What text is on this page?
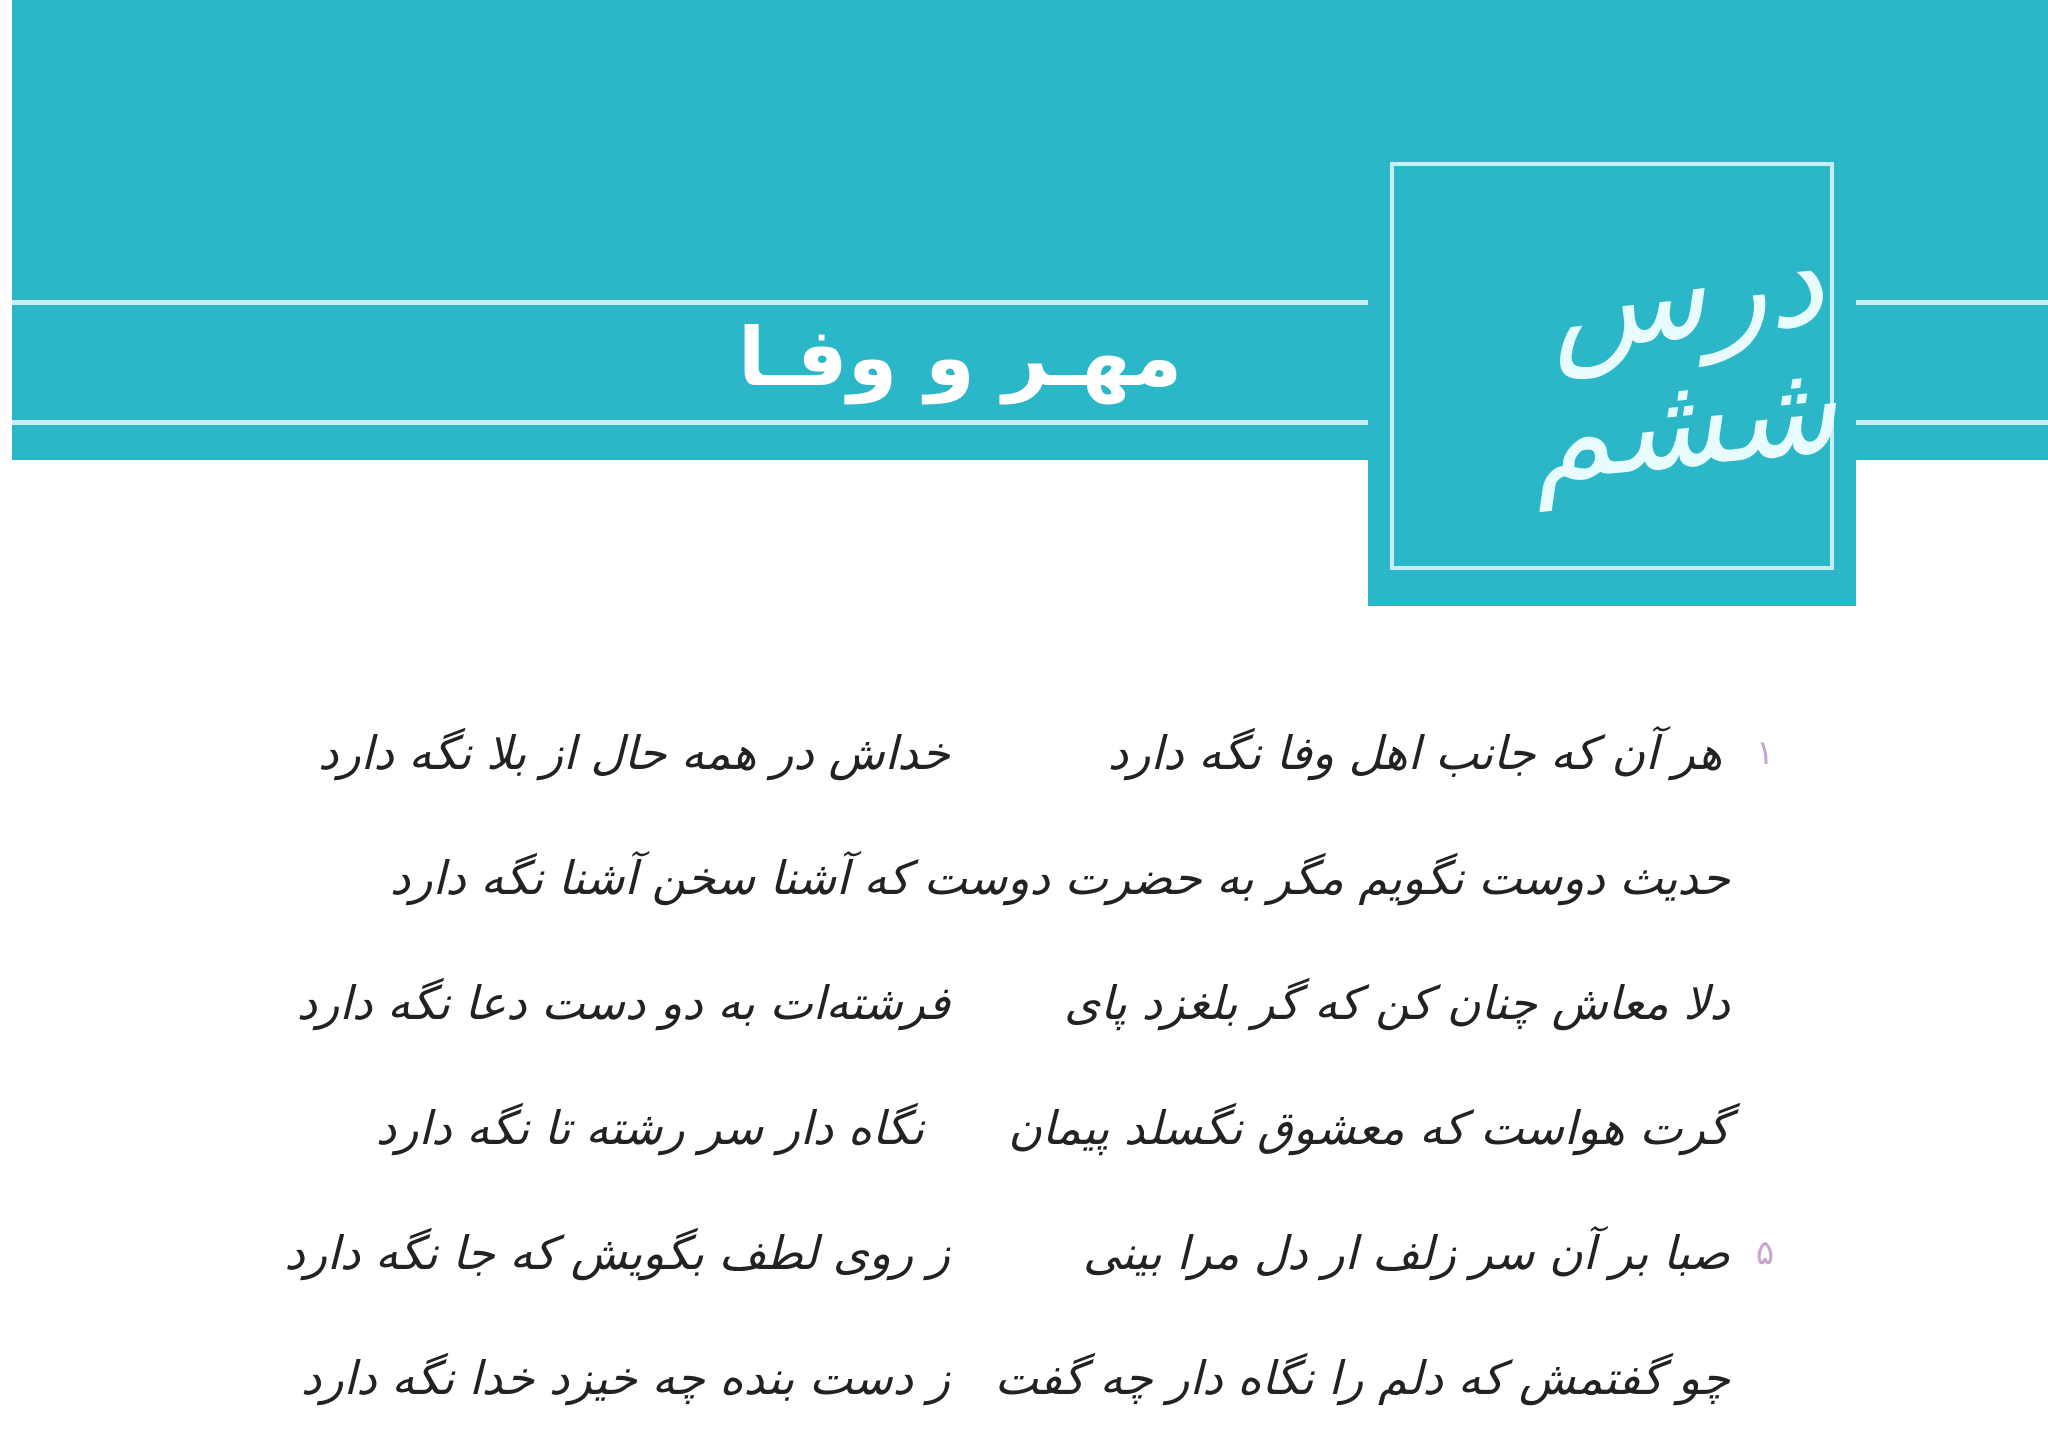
درس ششم
مهـر و وفـا
۱
هر آن که جانب اهل وفا نگه دارد
خداش در همه حال از بلا نگه دارد
حدیث دوست نگویم مگر به حضرت دوست
که آشنا سخن آشنا نگه دارد
دلا معاش چنان کن که گر بلغزد پای
فرشته‌ات به دو دست دعا نگه دارد
گرت هواست که معشوق نگسلد پیمان
نگاه دار سر رشته تا نگه دارد
۵
صبا بر آن سر زلف ار دل مرا بینی
ز روی لطف بگویش که جا نگه دارد
چو گفتمش که دلم را نگاه دار چه گفت
ز دست بنده چه خیزد خدا نگه دارد
